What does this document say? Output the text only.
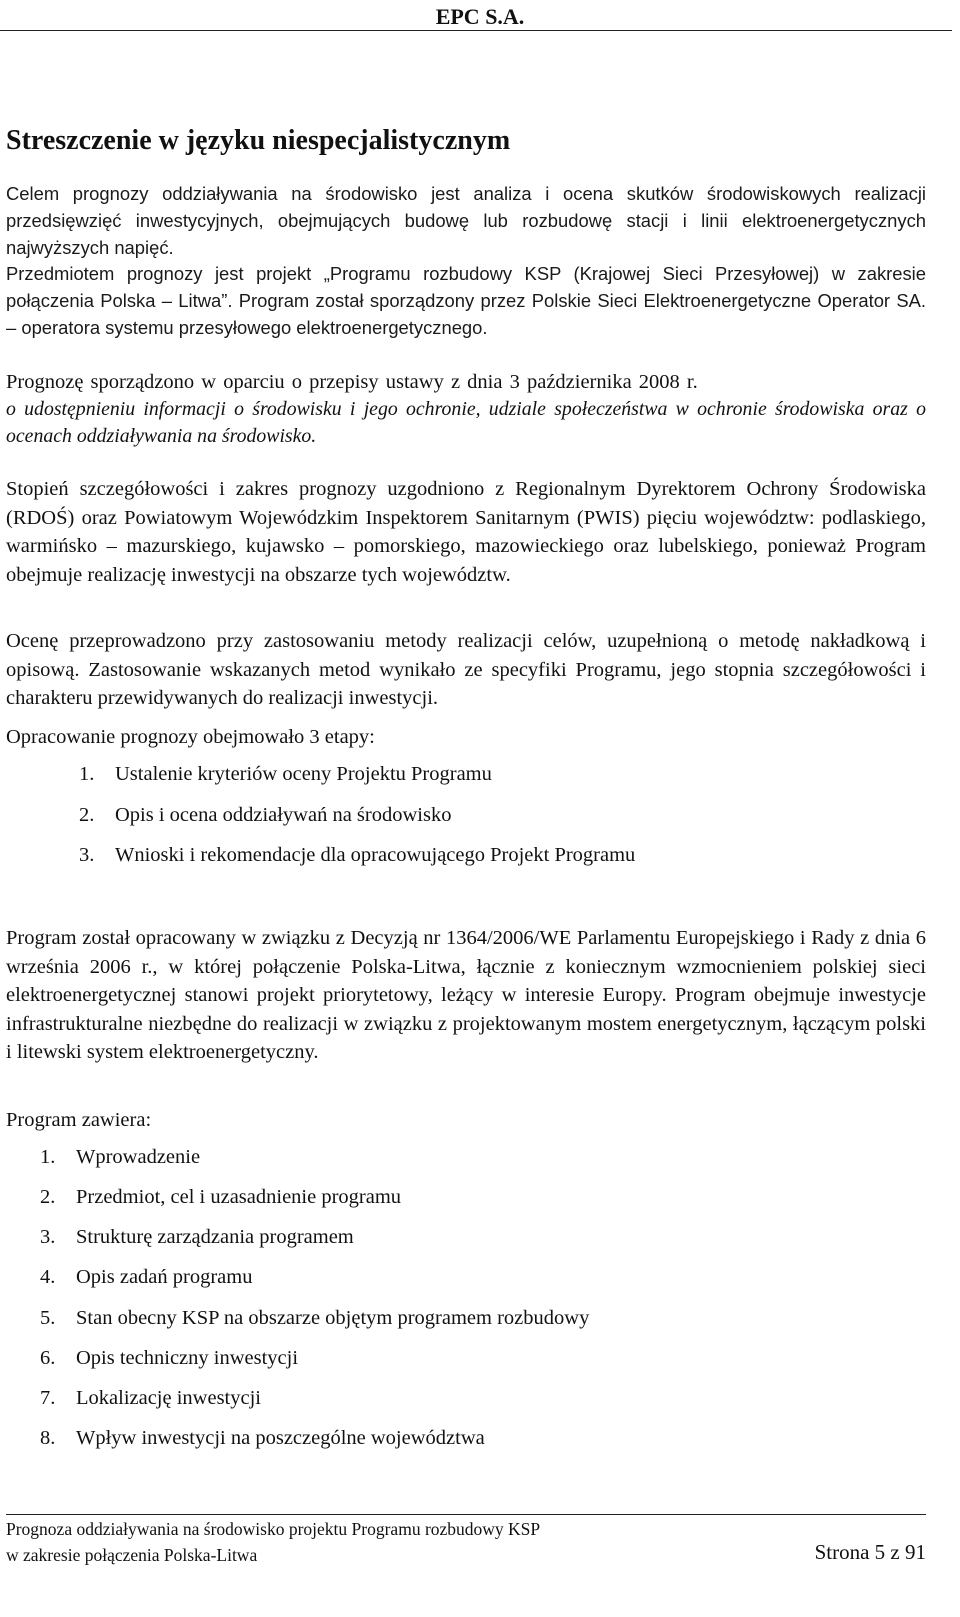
EPC S.A.
Streszczenie w języku niespecjalistycznym

Celem prognozy oddziaływania na środowisko jest analiza i ocena skutków środowiskowych realizacji przedsięwzięć inwestycyjnych, obejmujących budowę lub rozbudowę stacji i linii elektroenergetycznych najwyższych napięć.

Przedmiotem prognozy jest projekt „Programu rozbudowy KSP (Krajowej Sieci Przesyłowej) w zakresie połączenia Polska – Litwa”. Program został sporządzony przez Polskie Sieci Elektroenergetyczne Operator SA. – operatora systemu przesyłowego elektroenergetycznego.

Prognozę sporządzono w oparciu o przepisy ustawy z dnia 3 października 2008 r.

o udostępnieniu informacji o środowisku i jego ochronie, udziale społeczeństwa w ochronie środowiska oraz o ocenach oddziaływania na środowisko.

Stopień szczegółowości i zakres prognozy uzgodniono z Regionalnym Dyrektorem Ochrony Środowiska (RDOŚ) oraz Powiatowym Wojewódzkim Inspektorem Sanitarnym (PWIS) pięciu województw: podlaskiego, warmińsko – mazurskiego, kujawsko – pomorskiego, mazowieckiego oraz lubelskiego, ponieważ Program obejmuje realizację inwestycji na obszarze tych województw.

Ocenę przeprowadzono przy zastosowaniu metody realizacji celów, uzupełnioną o metodę nakładkową i opisową. Zastosowanie wskazanych metod wynikało ze specyfiki Programu, jego stopnia szczegółowości i charakteru przewidywanych do realizacji inwestycji.

Opracowanie prognozy obejmowało 3 etapy:

1. Ustalenie kryteriów oceny Projektu Programu
2. Opis i ocena oddziaływań na środowisko
3. Wnioski i rekomendacje dla opracowującego Projekt Programu

Program został opracowany w związku z Decyzją nr 1364/2006/WE Parlamentu Europejskiego i Rady z dnia 6 września 2006 r., w której połączenie Polska-Litwa, łącznie z koniecznym wzmocnieniem polskiej sieci elektroenergetycznej stanowi projekt priorytetowy, leżący w interesie Europy. Program obejmuje inwestycje infrastrukturalne niezbędne do realizacji w związku z projektowanym mostem energetycznym, łączącym polski i litewski system elektroenergetyczny.

Program zawiera:

1. Wprowadzenie
2. Przedmiot, cel i uzasadnienie programu
3. Strukturę zarządzania programem
4. Opis zadań programu
5. Stan obecny KSP na obszarze objętym programem rozbudowy
6. Opis techniczny inwestycji
7. Lokalizację inwestycji
8. Wpływ inwestycji na poszczególne województwa
Prognoza oddziaływania na środowisko projektu Programu rozbudowy KSP
w zakresie połączenia Polska-Litwa	Strona 5 z 91
